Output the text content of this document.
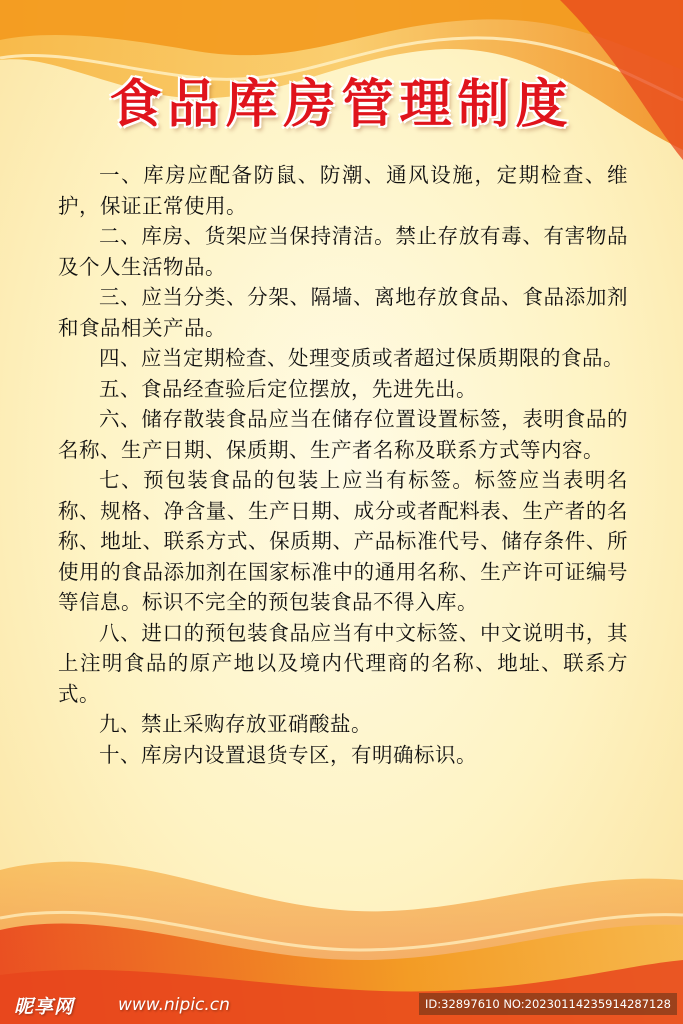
食品库房管理制度

一、库房应配备防鼠、防潮、通风设施，定期检查、维护，保证正常使用。

二、库房、货架应当保持清洁。禁止存放有毒、有害物品及个人生活物品。

三、应当分类、分架、隔墙、离地存放食品、食品添加剂和食品相关产品。

四、应当定期检查、处理变质或者超过保质期限的食品。

五、食品经查验后定位摆放，先进先出。

六、储存散装食品应当在储存位置设置标签，表明食品的名称、生产日期、保质期、生产者名称及联系方式等内容。

七、预包装食品的包装上应当有标签。标签应当表明名称、规格、净含量、生产日期、成分或者配料表、生产者的名称、地址、联系方式、保质期、产品标准代号、储存条件、所使用的食品添加剂在国家标准中的通用名称、生产许可证编号等信息。标识不完全的预包装食品不得入库。

八、进口的预包装食品应当有中文标签、中文说明书，其上注明食品的原产地以及境内代理商的名称、地址、联系方式。

九、禁止采购存放亚硝酸盐。

十、库房内设置退货专区，有明确标识。

昵享网	www.nipic.cn	ID:32897610 NO:20230114235914287128
